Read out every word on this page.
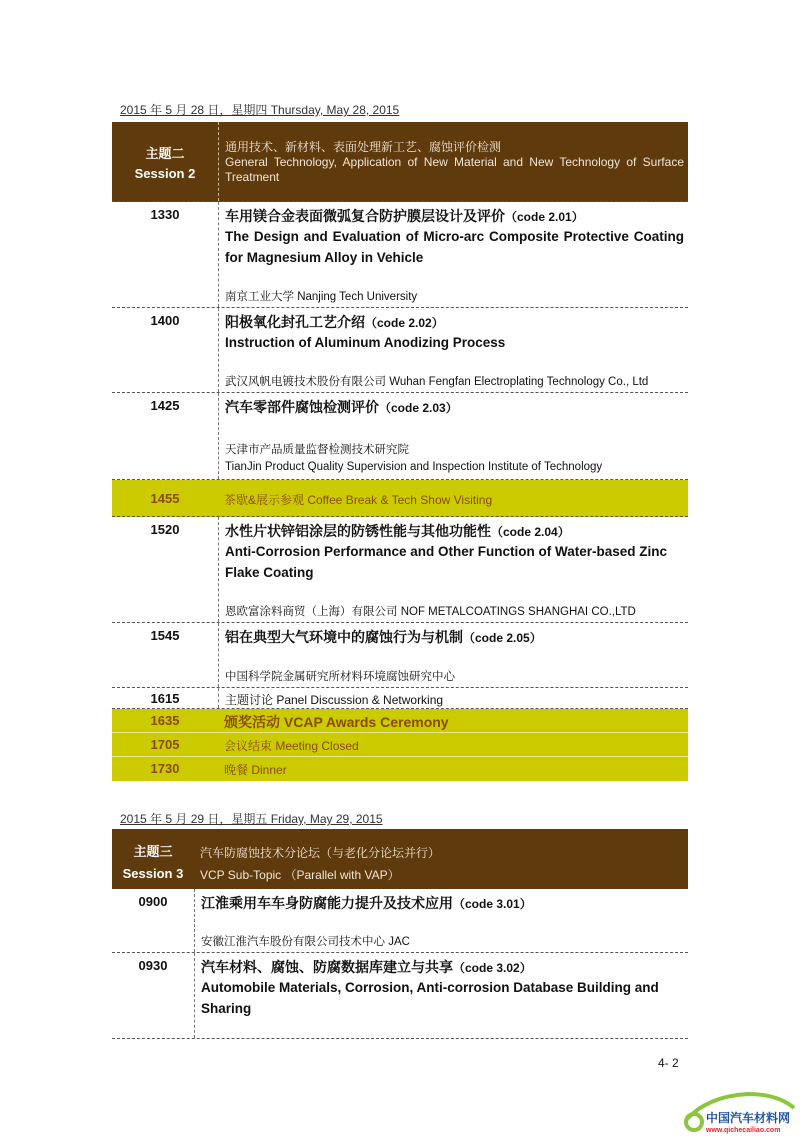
2015 年 5 月 28 日，星期四 Thursday, May 28, 2015
主题二
Session 2
通用技术、新材料、表面处理新工艺、腐蚀评价检测
General Technology, Application of New Material and New Technology of Surface Treatment
1330	车用镁合金表面微弧复合防护膜层设计及评价（code 2.01）
The Design and Evaluation of Micro-arc Composite Protective Coating for Magnesium Alloy in Vehicle
南京工业大学 Nanjing Tech University
1400	阳极氧化封孔工艺介绍（code 2.02）
Instruction of Aluminum Anodizing Process
武汉风帆电镀技术股份有限公司 Wuhan Fengfan Electroplating Technology Co., Ltd
1425	汽车零部件腐蚀检测评价（code 2.03）
天津市产品质量监督检测技术研究院
TianJin Product Quality Supervision and Inspection Institute of Technology
1455	茶歇&展示参观 Coffee Break & Tech Show Visiting
1520	水性片状锌铝涂层的防锈性能与其他功能性（code 2.04）
Anti-Corrosion Performance and Other Function of Water-based Zinc Flake Coating
恩欧富涂料商贸（上海）有限公司 NOF METALCOATINGS SHANGHAI CO.,LTD
1545	铝在典型大气环境中的腐蚀行为与机制（code 2.05）
中国科学院金属研究所材料环境腐蚀研究中心
1615	主题讨论 Panel Discussion & Networking
1635	颁奖活动 VCAP Awards Ceremony
1705	会议结束 Meeting Closed
1730	晚餐 Dinner
2015 年 5 月 29 日，星期五 Friday, May 29, 2015
主题三
Session 3
汽车防腐蚀技术分论坛（与老化分论坛并行）
VCP Sub-Topic （Parallel with VAP）
0900	江淮乘用车车身防腐能力提升及技术应用（code 3.01）
安徽江淮汽车股份有限公司技术中心 JAC
0930	汽车材料、腐蚀、防腐数据库建立与共享（code 3.02）
Automobile Materials, Corrosion, Anti-corrosion Database Building and Sharing
4- 2
中国汽车材料网
www.qichecailiao.com
